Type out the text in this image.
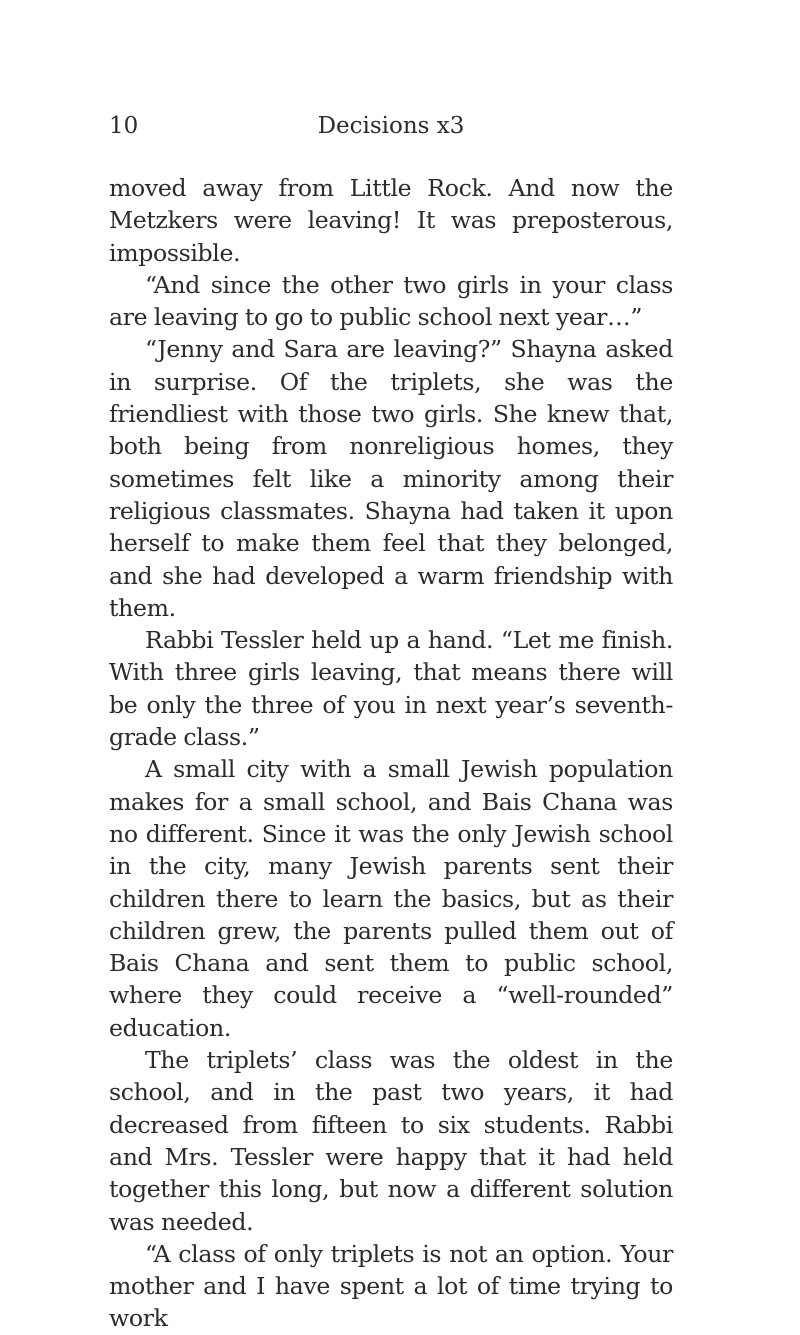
10	Decisions x3

moved away from Little Rock. And now the Metzkers were leaving! It was preposterous, impossible.

“And since the other two girls in your class are leaving to go to public school next year…”

“Jenny and Sara are leaving?” Shayna asked in surprise. Of the triplets, she was the friendliest with those two girls. She knew that, both being from nonreligious homes, they sometimes felt like a minority among their religious classmates. Shayna had taken it upon herself to make them feel that they belonged, and she had developed a warm friendship with them.

Rabbi Tessler held up a hand. “Let me finish. With three girls leaving, that means there will be only the three of you in next year’s seventh-grade class.”

A small city with a small Jewish population makes for a small school, and Bais Chana was no different. Since it was the only Jewish school in the city, many Jewish parents sent their children there to learn the basics, but as their children grew, the parents pulled them out of Bais Chana and sent them to public school, where they could receive a “well-rounded” education.

The triplets’ class was the oldest in the school, and in the past two years, it had decreased from fifteen to six students. Rabbi and Mrs. Tessler were happy that it had held together this long, but now a different solution was needed.

“A class of only triplets is not an option. Your mother and I have spent a lot of time trying to work
